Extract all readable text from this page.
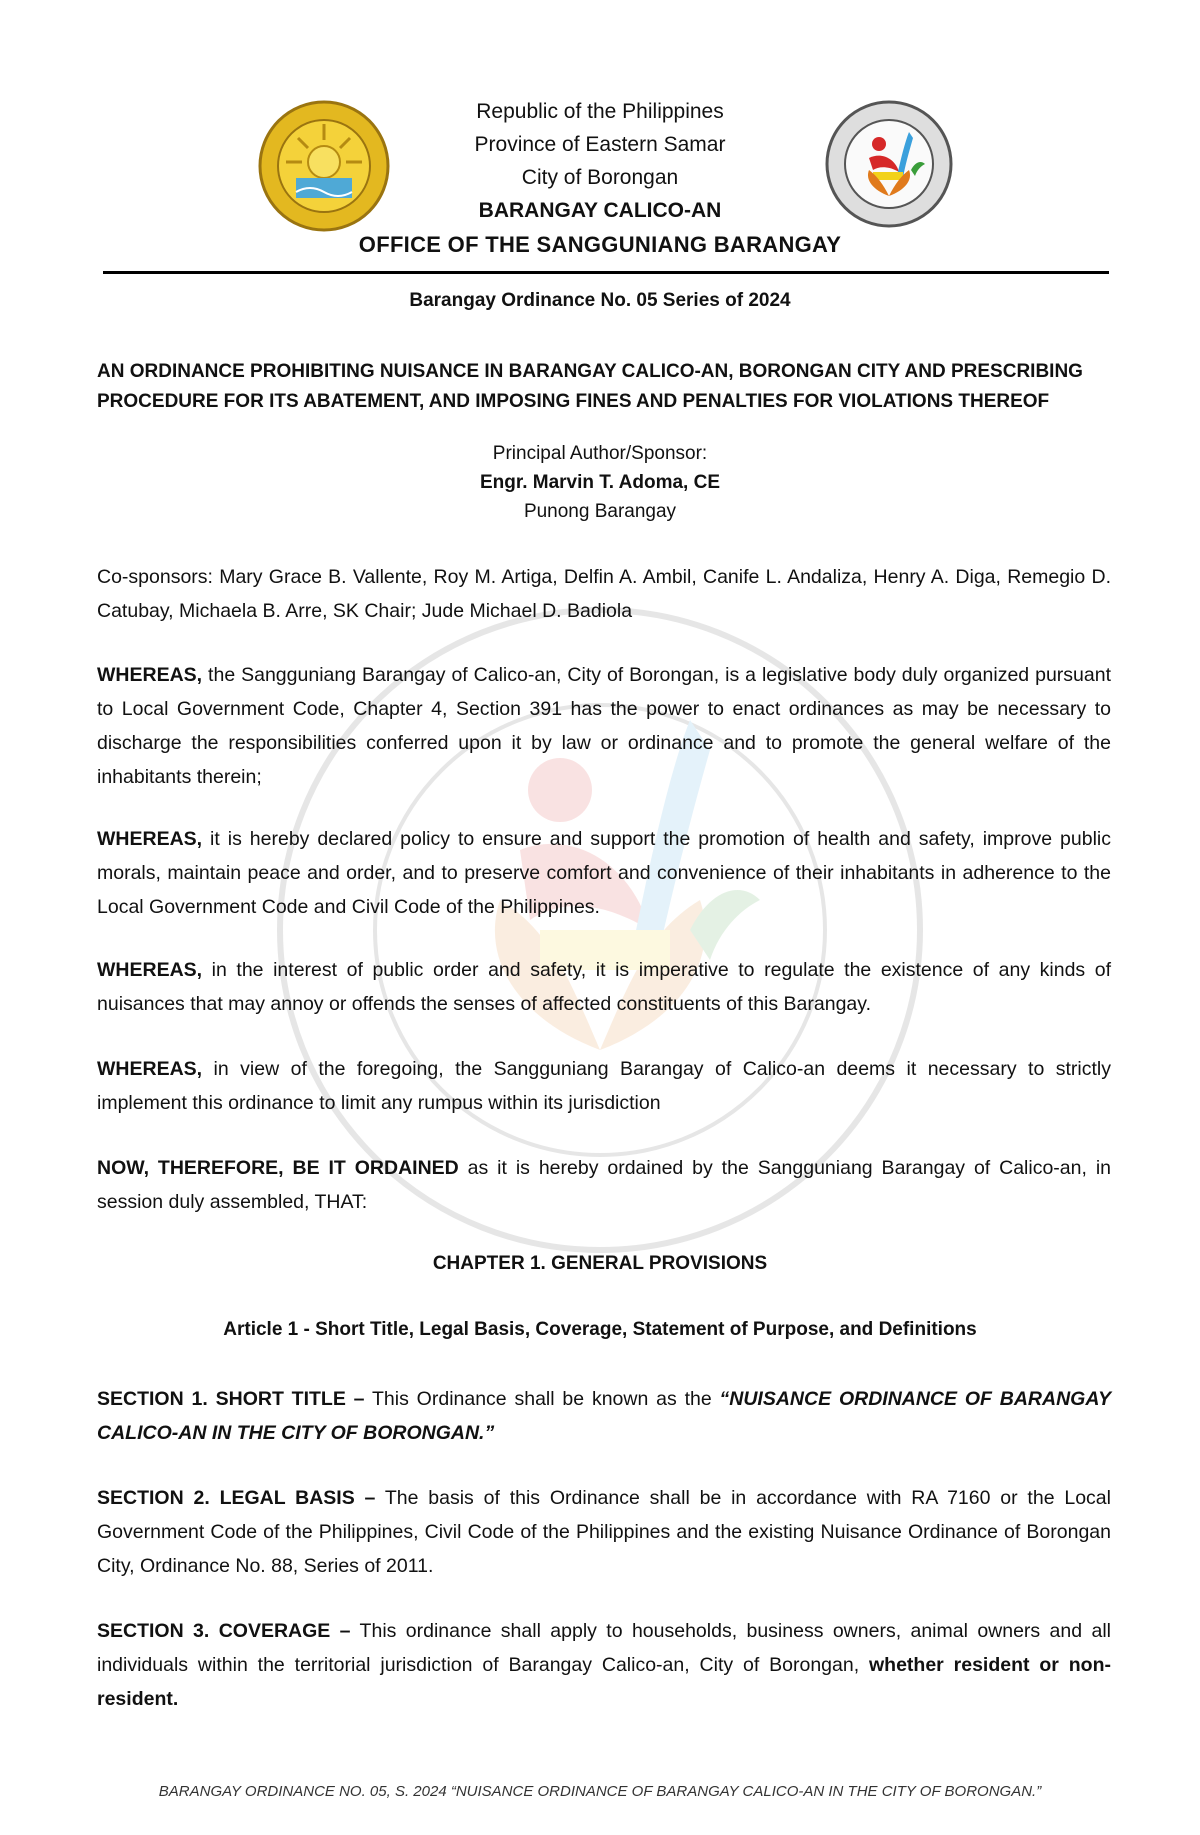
Republic of the Philippines
Province of Eastern Samar
City of Borongan
BARANGAY CALICO-AN
OFFICE OF THE SANGGUNIANG BARANGAY
Barangay Ordinance No. 05 Series of 2024
AN ORDINANCE PROHIBITING NUISANCE IN BARANGAY CALICO-AN, BORONGAN CITY AND PRESCRIBING PROCEDURE FOR ITS ABATEMENT, AND IMPOSING FINES AND PENALTIES FOR VIOLATIONS THEREOF
Principal Author/Sponsor:
Engr. Marvin T. Adoma, CE
Punong Barangay
Co-sponsors: Mary Grace B. Vallente, Roy M. Artiga, Delfin A. Ambil, Canife L. Andaliza, Henry A. Diga, Remegio D. Catubay, Michaela B. Arre, SK Chair; Jude Michael D. Badiola
WHEREAS, the Sangguniang Barangay of Calico-an, City of Borongan, is a legislative body duly organized pursuant to Local Government Code, Chapter 4, Section 391 has the power to enact ordinances as may be necessary to discharge the responsibilities conferred upon it by law or ordinance and to promote the general welfare of the inhabitants therein;
WHEREAS, it is hereby declared policy to ensure and support the promotion of health and safety, improve public morals, maintain peace and order, and to preserve comfort and convenience of their inhabitants in adherence to the Local Government Code and Civil Code of the Philippines.
WHEREAS, in the interest of public order and safety, it is imperative to regulate the existence of any kinds of nuisances that may annoy or offends the senses of affected constituents of this Barangay.
WHEREAS, in view of the foregoing, the Sangguniang Barangay of Calico-an deems it necessary to strictly implement this ordinance to limit any rumpus within its jurisdiction
NOW, THEREFORE, BE IT ORDAINED as it is hereby ordained by the Sangguniang Barangay of Calico-an, in session duly assembled, THAT:
CHAPTER 1. GENERAL PROVISIONS
Article 1 - Short Title, Legal Basis, Coverage, Statement of Purpose, and Definitions
SECTION 1. SHORT TITLE – This Ordinance shall be known as the “NUISANCE ORDINANCE OF BARANGAY CALICO-AN IN THE CITY OF BORONGAN.”
SECTION 2. LEGAL BASIS – The basis of this Ordinance shall be in accordance with RA 7160 or the Local Government Code of the Philippines, Civil Code of the Philippines and the existing Nuisance Ordinance of Borongan City, Ordinance No. 88, Series of 2011.
SECTION 3. COVERAGE – This ordinance shall apply to households, business owners, animal owners and all individuals within the territorial jurisdiction of Barangay Calico-an, City of Borongan, whether resident or non-resident.
BARANGAY ORDINANCE NO. 05, S. 2024 “NUISANCE ORDINANCE OF BARANGAY CALICO-AN IN THE CITY OF BORONGAN.”
